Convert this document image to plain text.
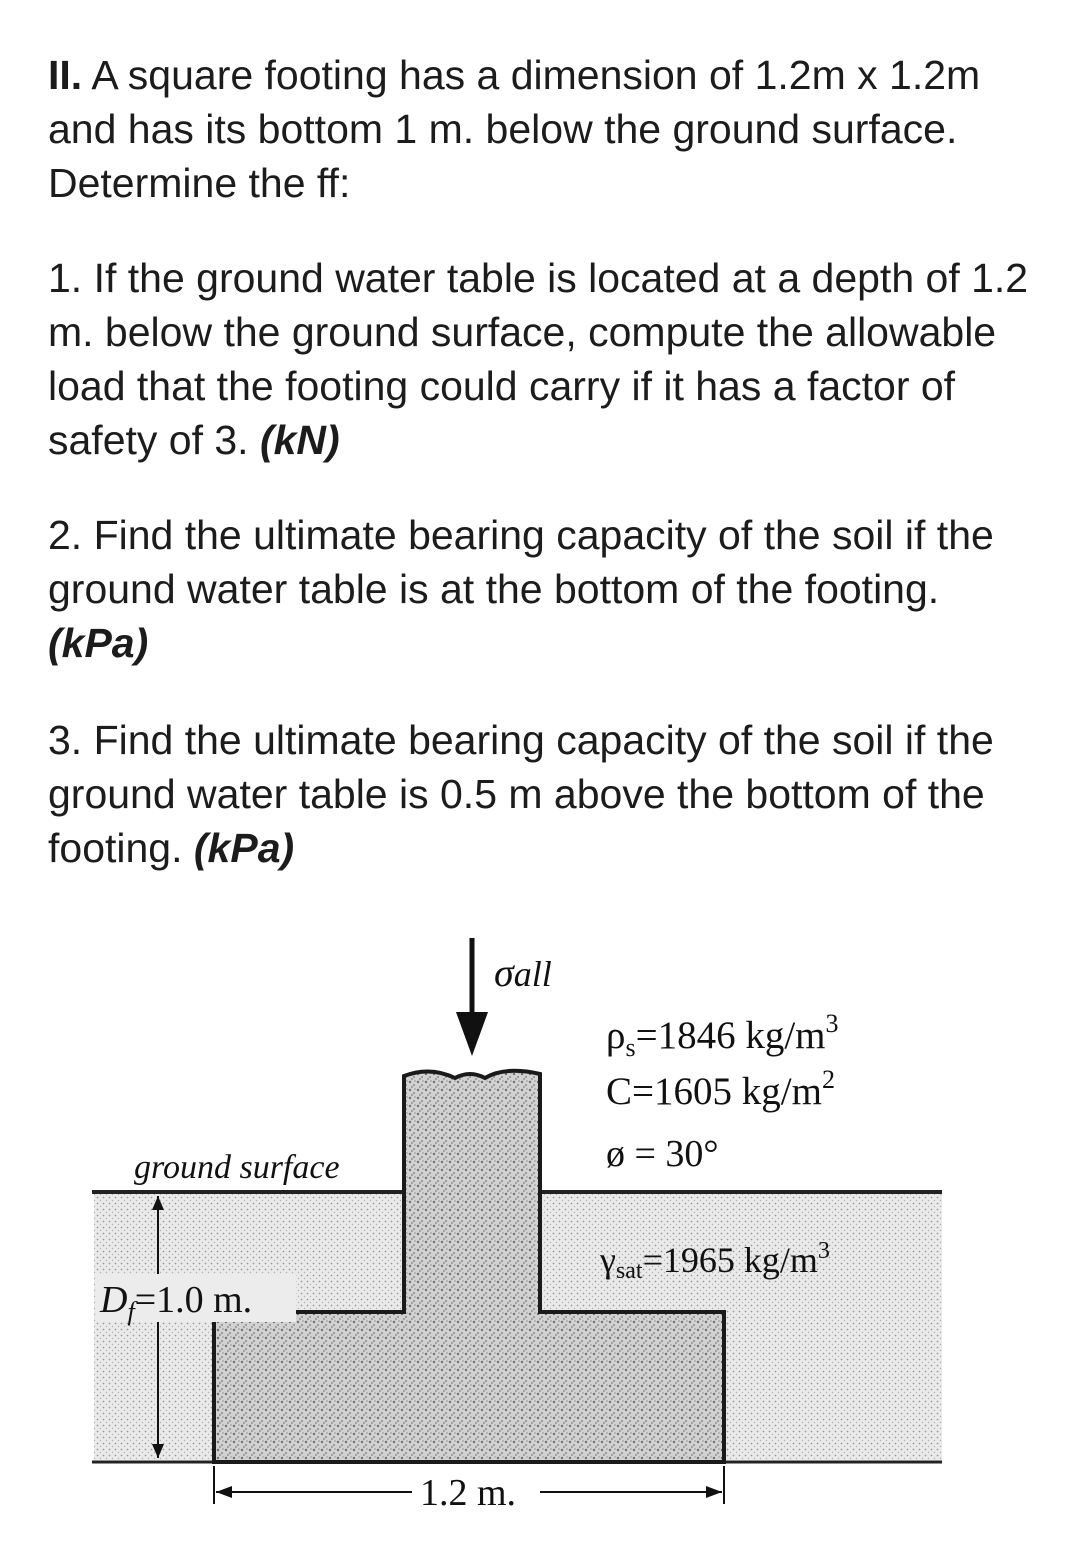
II. A square footing has a dimension of 1.2m x 1.2m and has its bottom 1 m. below the ground surface. Determine the ff:

1. If the ground water table is located at a depth of 1.2 m. below the ground surface, compute the allowable load that the footing could carry if it has a factor of safety of 3. (kN)

2. Find the ultimate bearing capacity of the soil if the ground water table is at the bottom of the footing. (kPa)

3. Find the ultimate bearing capacity of the soil if the ground water table is 0.5 m above the bottom of the footing. (kPa)

σall
$\rho_s=1846$ $kg/m^3$
C=1605 $kg/m^2$
ø = 30°
ground surface
γsat=1965 $kg/m^3$
$D_f=1.0$ m.
1.2 m.
